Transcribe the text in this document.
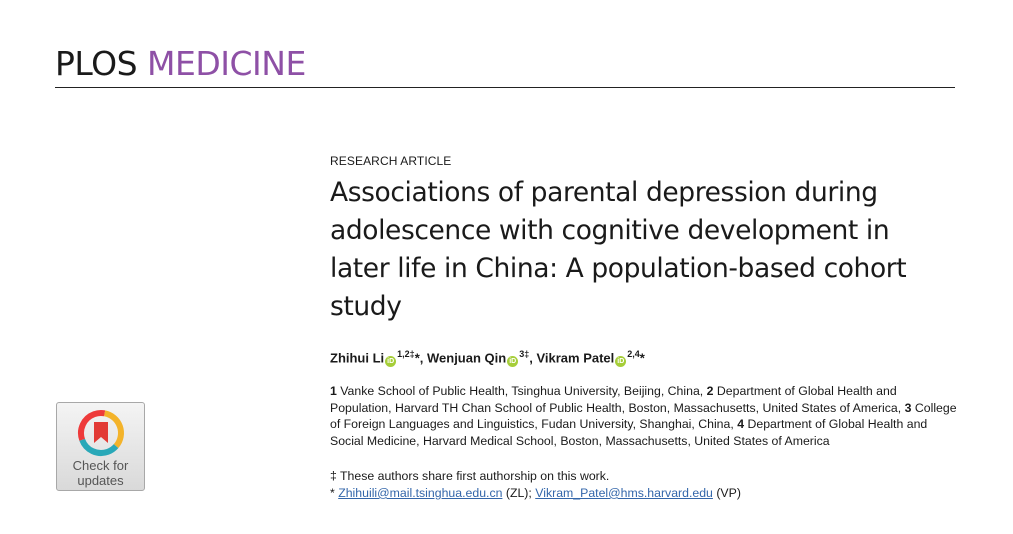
PLOS MEDICINE
Check for
updates
RESEARCH ARTICLE
Associations of parental depression during adolescence with cognitive development in later life in China: A population-based cohort study
Zhihui Li $iD^{1,2\ddagger}*$, Wenjuan Qin $iD^{3\ddagger}$, Vikram Patel iD$^{2,4}$*
1 Vanke School of Public Health, Tsinghua University, Beijing, China, 2 Department of Global Health and Population, Harvard TH Chan School of Public Health, Boston, Massachusetts, United States of America, 3 College of Foreign Languages and Linguistics, Fudan University, Shanghai, China, 4 Department of Global Health and Social Medicine, Harvard Medical School, Boston, Massachusetts, United States of America
‡ These authors share first authorship on this work.
* Zhihuili@mail.tsinghua.edu.cn (ZL); Vikram_Patel@hms.harvard.edu (VP)
